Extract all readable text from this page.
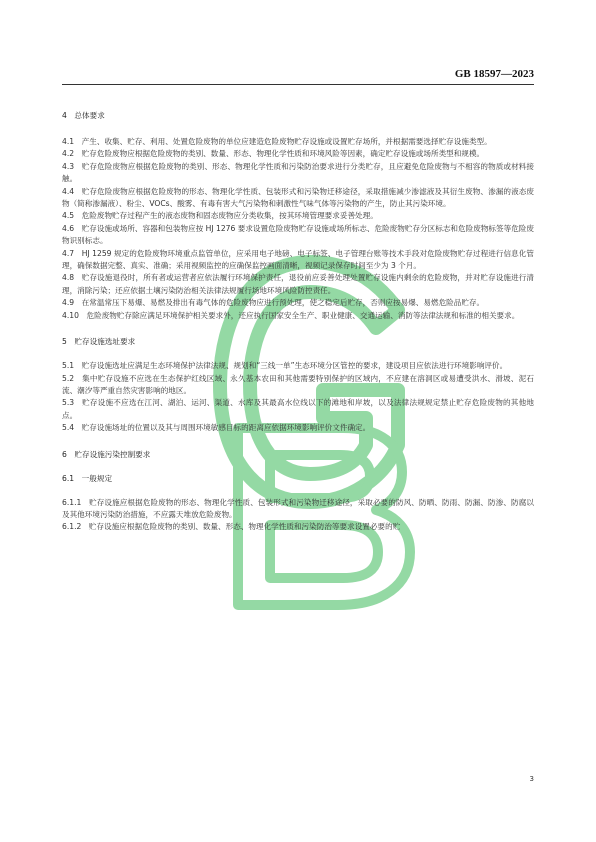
GB 18597—2023

4　总体要求

4.1　产生、收集、贮存、利用、处置危险废物的单位应建造危险废物贮存设施或设置贮存场所，并根据需要选择贮存设施类型。

4.2　贮存危险废物应根据危险废物的类别、数量、形态、物理化学性质和环境风险等因素，确定贮存设施或场所类型和规模。

4.3　贮存危险废物应根据危险废物的类别、形态、物理化学性质和污染防治要求进行分类贮存，且应避免危险废物与不相容的物质或材料接触。

4.4　贮存危险废物应根据危险废物的形态、物理化学性质、包装形式和污染物迁移途径，采取措施减少渗滤液及其衍生废物、渗漏的液态废物（简称渗漏液）、粉尘、VOCs、酸雾、有毒有害大气污染物和刺激性气味气体等污染物的产生，防止其污染环境。

4.5　危险废物贮存过程产生的液态废物和固态废物应分类收集，按其环境管理要求妥善处理。

4.6　贮存设施或场所、容器和包装物应按 HJ 1276 要求设置危险废物贮存设施或场所标志、危险废物贮存分区标志和危险废物标签等危险废物识别标志。

4.7　HJ 1259 规定的危险废物环境重点监管单位，应采用电子地磅、电子标签、电子管理台账等技术手段对危险废物贮存过程进行信息化管理，确保数据完整、真实、准确；采用视频监控的应确保监控画面清晰，视频记录保存时间至少为 3 个月。

4.8　贮存设施退役时，所有者或运营者应依法履行环境保护责任，退役前应妥善处理处置贮存设施内剩余的危险废物，并对贮存设施进行清理，消除污染；还应依据土壤污染防治相关法律法规履行场地环境风险防控责任。

4.9　在常温常压下易爆、易燃及排出有毒气体的危险废物应进行预处理，使之稳定后贮存，否则应按易爆、易燃危险品贮存。

4.10　危险废物贮存除应满足环境保护相关要求外，还应执行国家安全生产、职业健康、交通运输、消防等法律法规和标准的相关要求。

5　贮存设施选址要求

5.1　贮存设施选址应满足生态环境保护法律法规、规划和“三线一单”生态环境分区管控的要求，建设项目应依法进行环境影响评价。

5.2　集中贮存设施不应选在生态保护红线区域、永久基本农田和其他需要特别保护的区域内，不应建在溶洞区或易遭受洪水、滑坡、泥石流、潮汐等严重自然灾害影响的地区。

5.3　贮存设施不应选在江河、湖泊、运河、渠道、水库及其最高水位线以下的滩地和岸坡，以及法律法规规定禁止贮存危险废物的其他地点。

5.4　贮存设施场址的位置以及其与周围环境敏感目标的距离应依据环境影响评价文件确定。

6　贮存设施污染控制要求

6.1　一般规定

6.1.1　贮存设施应根据危险废物的形态、物理化学性质、包装形式和污染物迁移途径，采取必要的防风、防晒、防雨、防漏、防渗、防腐以及其他环境污染防治措施，不应露天堆放危险废物。

6.1.2　贮存设施应根据危险废物的类别、数量、形态、物理化学性质和污染防治等要求设置必要的贮

3
